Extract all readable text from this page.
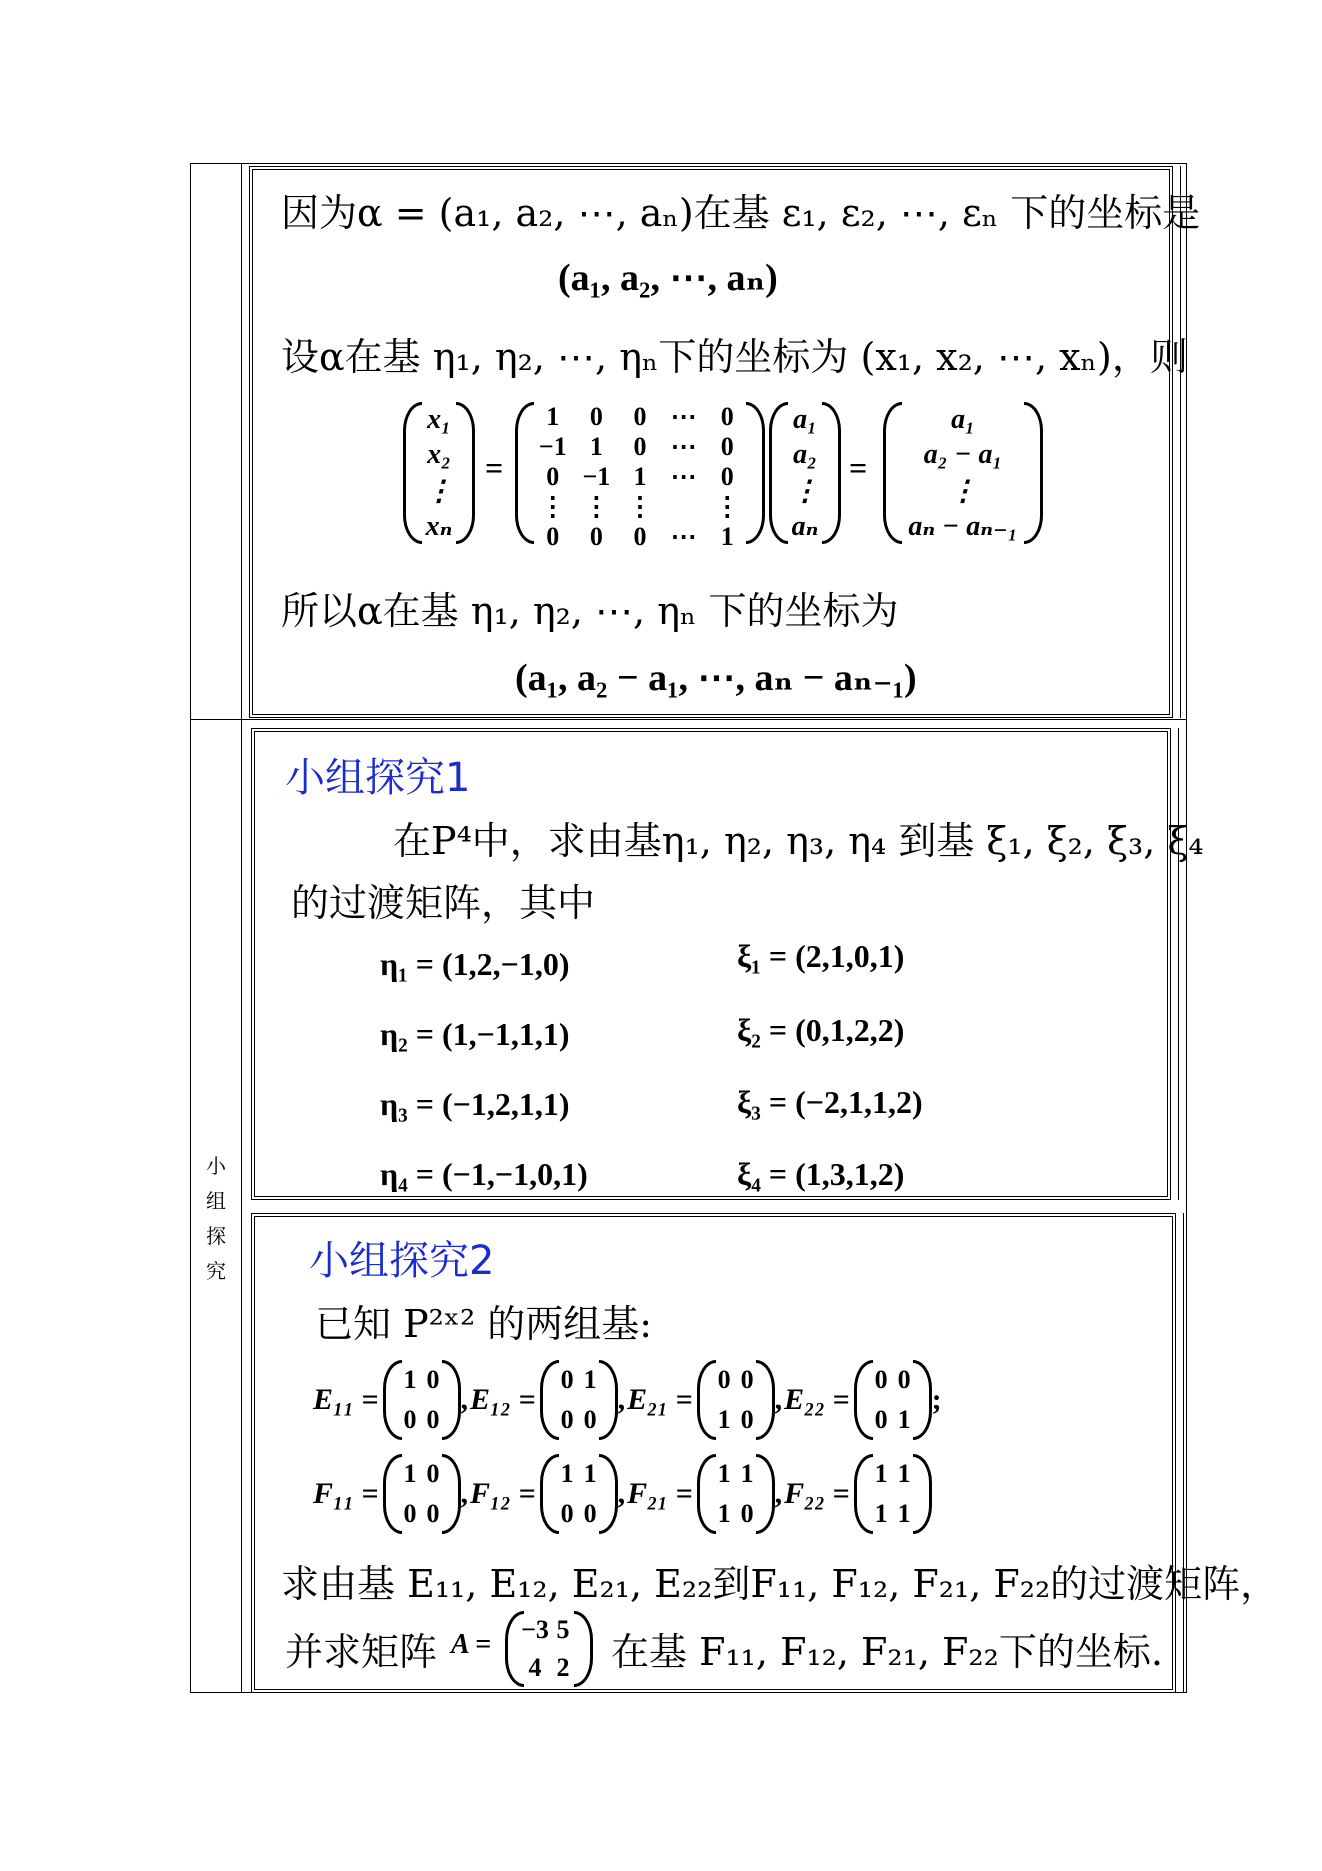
小
组
探
究
因为α = (a₁, a₂, ⋯, aₙ)在基 ε₁, ε₂, ⋯, εₙ 下的坐标是
(a₁, a₂, ⋯, aₙ)
设α在基 η₁, η₂, ⋯, ηₙ下的坐标为 (x₁, x₂, ⋯, xₙ)，则
x₁
x₂
⋮
xₙ
=
1 0 0 ⋯ 0
−1 1 0 ⋯ 0
0 −1 1 ⋯ 0
⋮ ⋮ ⋮ ⋮
0 0 0 ⋯ 1
a₁
a₂
⋮
aₙ
=
a₁
a₂ − a₁
⋮
aₙ − aₙ₋₁
所以α在基 η₁, η₂, ⋯, ηₙ 下的坐标为
(a₁, a₂ − a₁, ⋯, aₙ − aₙ₋₁)
小组探究1
在P⁴中，求由基η₁, η₂, η₃, η₄ 到基 ξ₁, ξ₂, ξ₃, ξ₄
的过渡矩阵，其中
η₁ = (1,2,−1,0)
η₂ = (1,−1,1,1)
η₃ = (−1,2,1,1)
η₄ = (−1,−1,0,1)
ξ₁ = (2,1,0,1)
ξ₂ = (0,1,2,2)
ξ₃ = (−2,1,1,2)
ξ₄ = (1,3,1,2)
小组探究2
已知 P²ˣ² 的两组基:
E₁₁ =
1 0
0 0
, E₁₂ =
0 1
0 0
, E₂₁ =
0 0
1 0
, E₂₂ =
0 0
0 1
;
F₁₁ =
1 0
0 0
, F₁₂ =
1 1
0 0
, F₂₁ =
1 1
1 0
, F₂₂ =
1 1
1 1
求由基 E₁₁, E₁₂, E₂₁, E₂₂到F₁₁, F₁₂, F₂₁, F₂₂的过渡矩阵，
并求矩阵 A = −3 5
4 2 在基 F₁₁, F₁₂, F₂₁, F₂₂下的坐标.
